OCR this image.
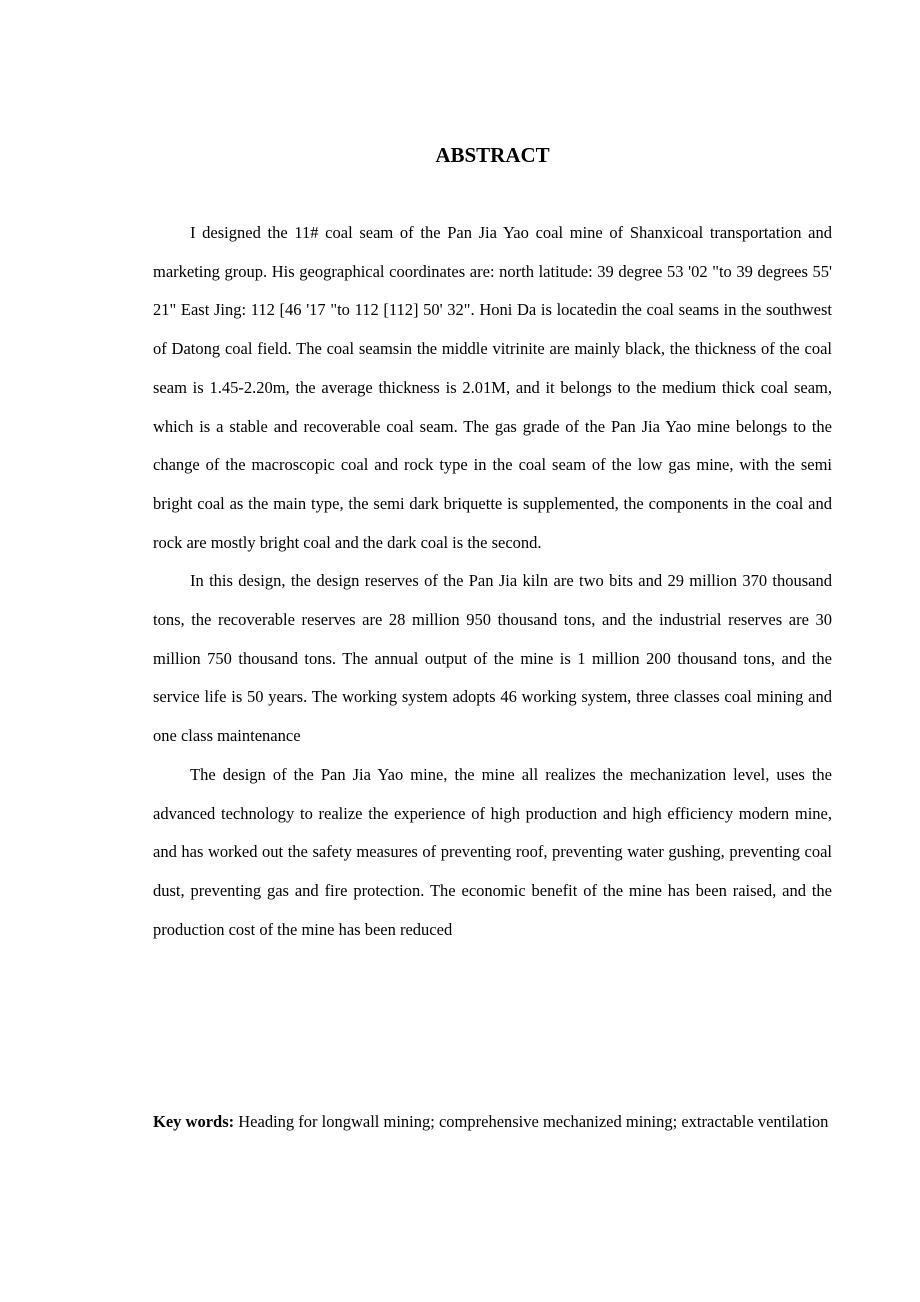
ABSTRACT

I designed the 11# coal seam of the Pan Jia Yao coal mine of Shanxicoal transportation and marketing group. His geographical coordinates are: north latitude: 39 degree 53 '02 "to 39 degrees 55' 21" East Jing: 112 [46 '17 "to 112 [112] 50' 32". Honi Da is locatedin the coal seams in the southwest of Datong coal field. The coal seamsin the middle vitrinite are mainly black, the thickness of the coal seam is 1.45-2.20m, the average thickness is 2.01M, and it belongs to the medium thick coal seam, which is a stable and recoverable coal seam. The gas grade of the Pan Jia Yao mine belongs to the change of the macroscopic coal and rock type in the coal seam of the low gas mine, with the semi bright coal as the main type, the semi dark briquette is supplemented, the components in the coal and rock are mostly bright coal and the dark coal is the second.

In this design, the design reserves of the Pan Jia kiln are two bits and 29 million 370 thousand tons, the recoverable reserves are 28 million 950 thousand tons, and the industrial reserves are 30 million 750 thousand tons. The annual output of the mine is 1 million 200 thousand tons, and the service life is 50 years. The working system adopts 46 working system, three classes coal mining and one class maintenance

The design of the Pan Jia Yao mine, the mine all realizes the mechanization level, uses the advanced technology to realize the experience of high production and high efficiency modern mine, and has worked out the safety measures of preventing roof, preventing water gushing, preventing coal dust, preventing gas and fire protection. The economic benefit of the mine has been raised, and the production cost of the mine has been reduced

Key words: Heading for longwall mining; comprehensive mechanized mining; extractable ventilation
